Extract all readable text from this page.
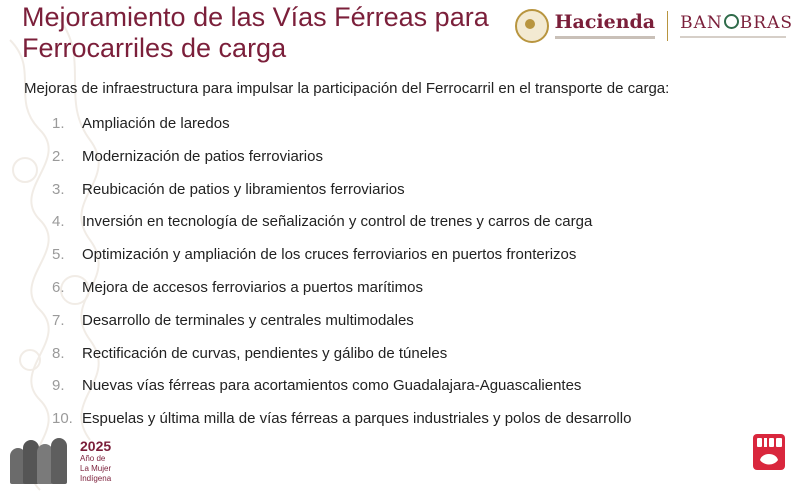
Mejoramiento de las Vías Férreas para
Ferrocarriles de carga
Hacienda BAN BRAS
Mejoras de infraestructura para impulsar la participación del Ferrocarril en el transporte de carga:
1.	Ampliación de laredos
2.	Modernización de patios ferroviarios
3.	Reubicación de patios y libramientos ferroviarios
4.	Inversión en tecnología de señalización y control de trenes y carros de carga
5.	Optimización y ampliación de los cruces ferroviarios en puertos fronterizos
6.	Mejora de accesos ferroviarios a puertos marítimos
7.	Desarrollo de terminales y centrales multimodales
8.	Rectificación de curvas, pendientes y gálibo de túneles
9.	Nuevas vías férreas para acortamientos como Guadalajara-Aguascalientes
10. Espuelas y última milla de vías férreas a parques industriales y polos de desarrollo
2025
Año de
La Mujer
Indígena
